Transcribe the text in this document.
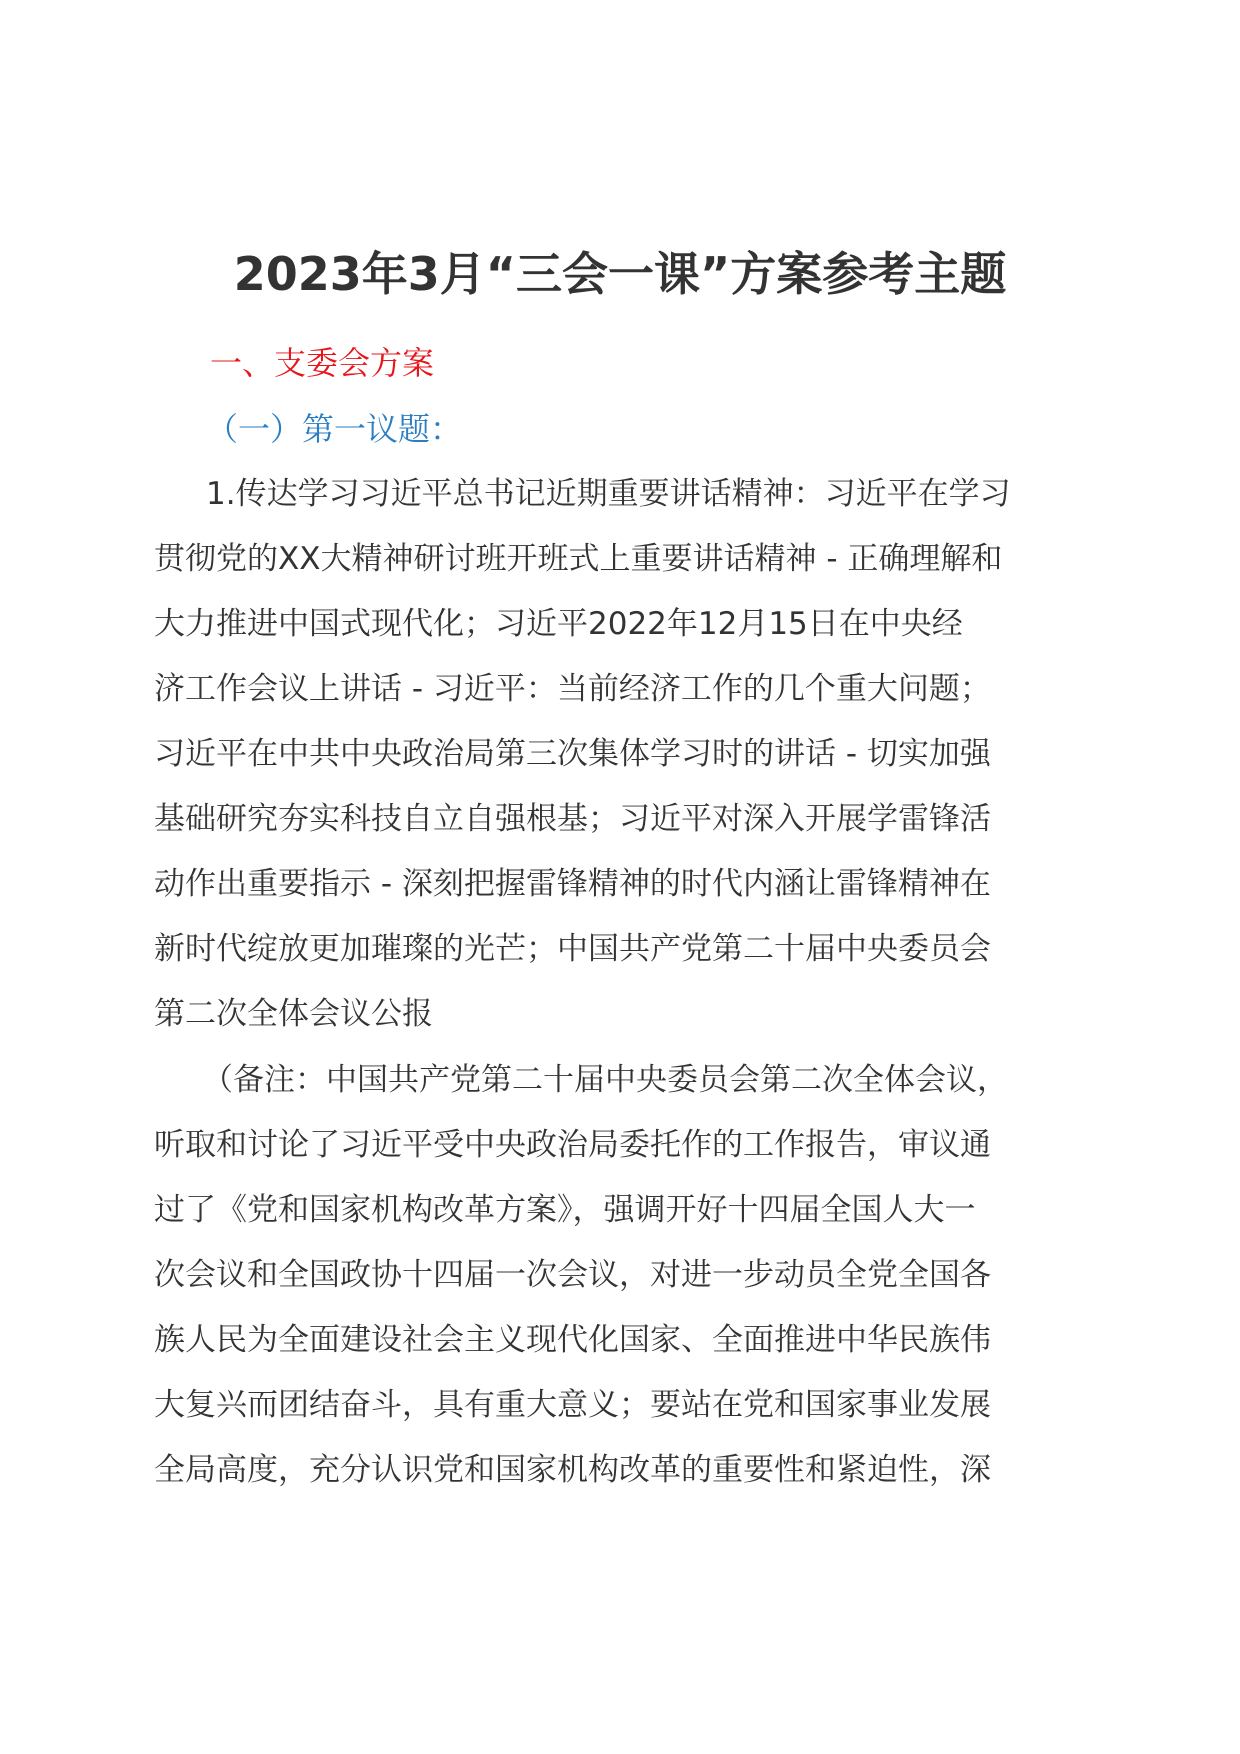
2023年3月“三会一课”方案参考主题
一、支委会方案
（一）第一议题：
1.传达学习习近平总书记近期重要讲话精神：习近平在学习
贯彻党的XX大精神研讨班开班式上重要讲话精神 - 正确理解和
大力推进中国式现代化；习近平2022年12月15日在中央经
济工作会议上讲话 - 习近平：当前经济工作的几个重大问题；
习近平在中共中央政治局第三次集体学习时的讲话 - 切实加强
基础研究夯实科技自立自强根基；习近平对深入开展学雷锋活
动作出重要指示 - 深刻把握雷锋精神的时代内涵让雷锋精神在
新时代绽放更加璀璨的光芒；中国共产党第二十届中央委员会
第二次全体会议公报
（备注：中国共产党第二十届中央委员会第二次全体会议，
听取和讨论了习近平受中央政治局委托作的工作报告，审议通
过了《党和国家机构改革方案》，强调开好十四届全国人大一
次会议和全国政协十四届一次会议，对进一步动员全党全国各
族人民为全面建设社会主义现代化国家、全面推进中华民族伟
大复兴而团结奋斗，具有重大意义；要站在党和国家事业发展
全局高度，充分认识党和国家机构改革的重要性和紧迫性，深
